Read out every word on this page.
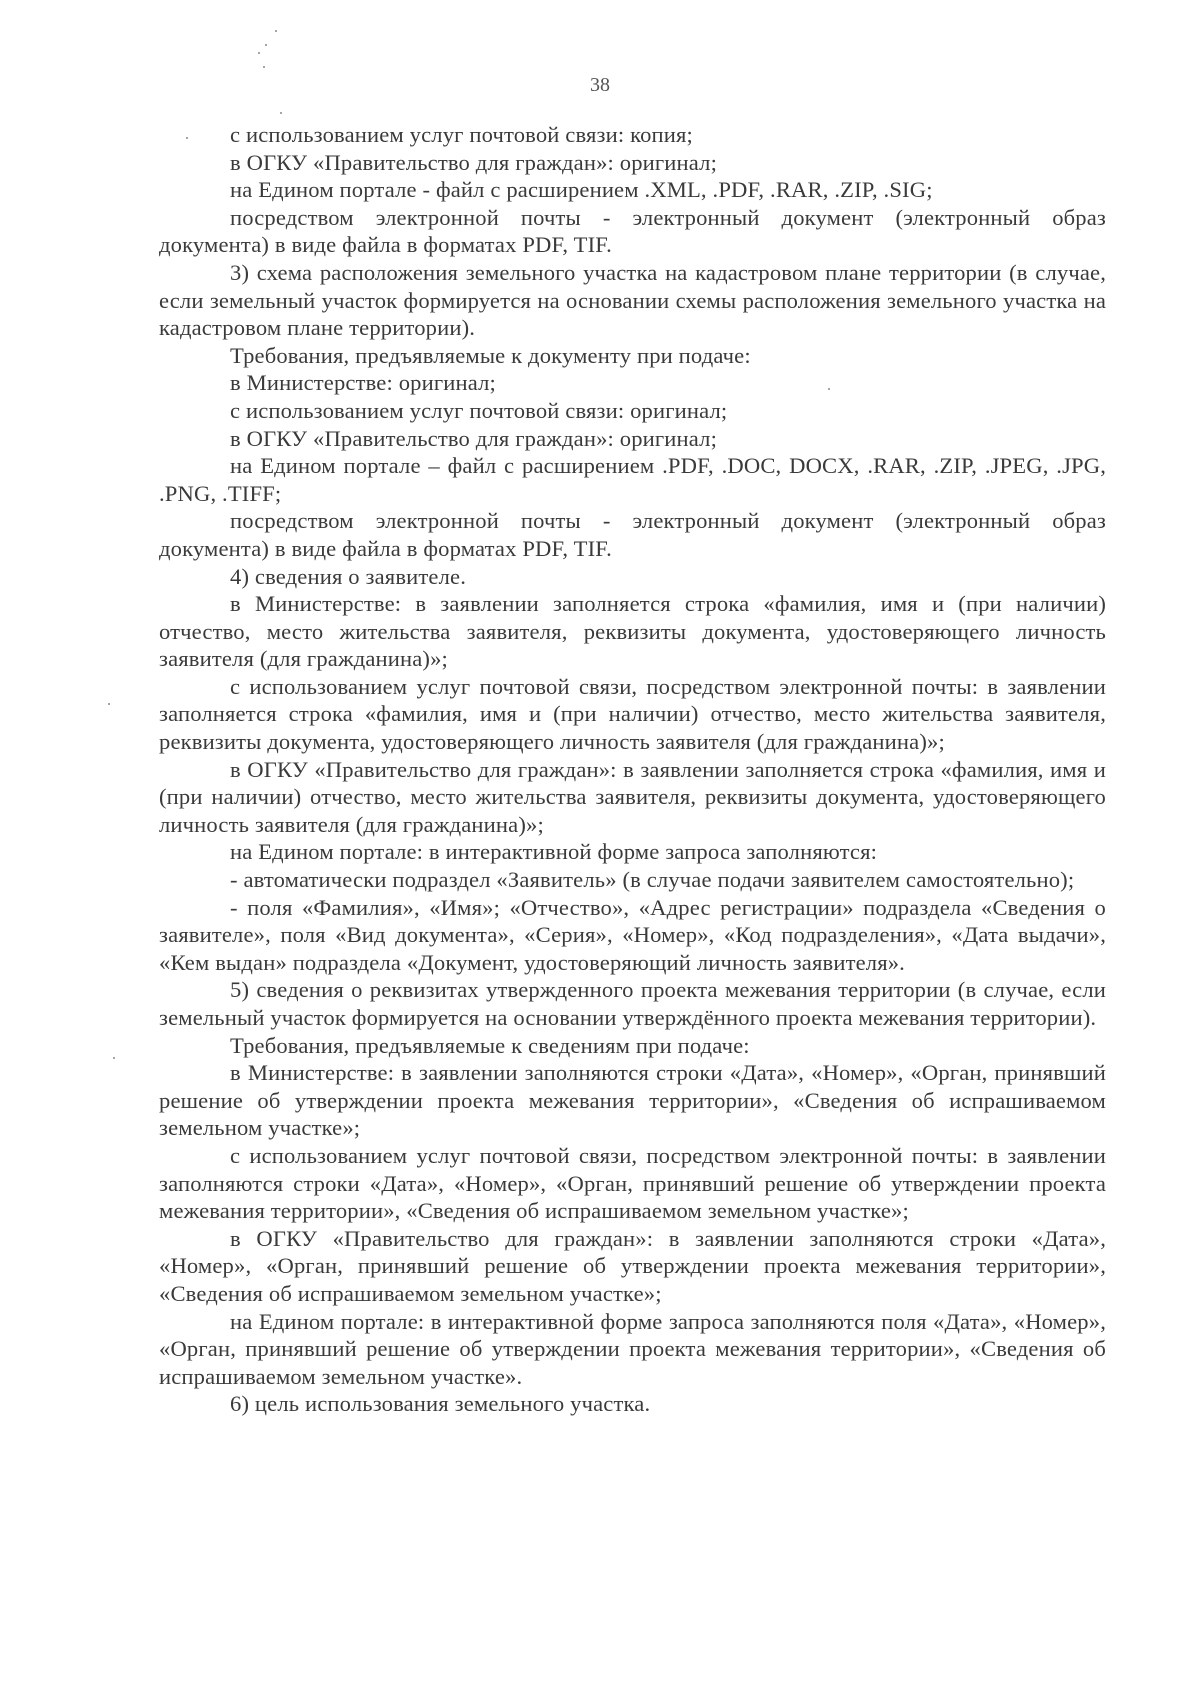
38

с использованием услуг почтовой связи: копия;

в ОГКУ «Правительство для граждан»: оригинал;

на Едином портале - файл с расширением .XML, .PDF, .RAR, .ZIP, .SIG;

посредством электронной почты - электронный документ (электронный образ документа) в виде файла в форматах PDF, TIF.

3) схема расположения земельного участка на кадастровом плане территории (в случае, если земельный участок формируется на основании схемы расположения земельного участка на кадастровом плане территории).

Требования, предъявляемые к документу при подаче:

в Министерстве: оригинал;

с использованием услуг почтовой связи: оригинал;

в ОГКУ «Правительство для граждан»: оригинал;

на Едином портале – файл с расширением .PDF, .DOC, DOCX, .RAR, .ZIP, .JPEG, .JPG, .PNG, .TIFF;

посредством электронной почты - электронный документ (электронный образ документа) в виде файла в форматах PDF, TIF.

4) сведения о заявителе.

в Министерстве: в заявлении заполняется строка «фамилия, имя и (при наличии) отчество, место жительства заявителя, реквизиты документа, удостоверяющего личность заявителя (для гражданина)»;

с использованием услуг почтовой связи, посредством электронной почты: в заявлении заполняется строка «фамилия, имя и (при наличии) отчество, место жительства заявителя, реквизиты документа, удостоверяющего личность заявителя (для гражданина)»;

в ОГКУ «Правительство для граждан»: в заявлении заполняется строка «фамилия, имя и (при наличии) отчество, место жительства заявителя, реквизиты документа, удостоверяющего личность заявителя (для гражданина)»;

на Едином портале: в интерактивной форме запроса заполняются:

- автоматически подраздел «Заявитель» (в случае подачи заявителем самостоятельно);

- поля «Фамилия», «Имя»; «Отчество», «Адрес регистрации» подраздела «Сведения о заявителе», поля «Вид документа», «Серия», «Номер», «Код подразделения», «Дата выдачи», «Кем выдан» подраздела «Документ, удостоверяющий личность заявителя».

5) сведения о реквизитах утвержденного проекта межевания территории (в случае, если земельный участок формируется на основании утверждённого проекта межевания территории).

Требования, предъявляемые к сведениям при подаче:

в Министерстве: в заявлении заполняются строки «Дата», «Номер», «Орган, принявший решение об утверждении проекта межевания территории», «Сведения об испрашиваемом земельном участке»;

с использованием услуг почтовой связи, посредством электронной почты: в заявлении заполняются строки «Дата», «Номер», «Орган, принявший решение об утверждении проекта межевания территории», «Сведения об испрашиваемом земельном участке»;

в ОГКУ «Правительство для граждан»: в заявлении заполняются строки «Дата», «Номер», «Орган, принявший решение об утверждении проекта межевания территории», «Сведения об испрашиваемом земельном участке»;

на Едином портале: в интерактивной форме запроса заполняются поля «Дата», «Номер», «Орган, принявший решение об утверждении проекта межевания территории», «Сведения об испрашиваемом земельном участке».

6) цель использования земельного участка.
